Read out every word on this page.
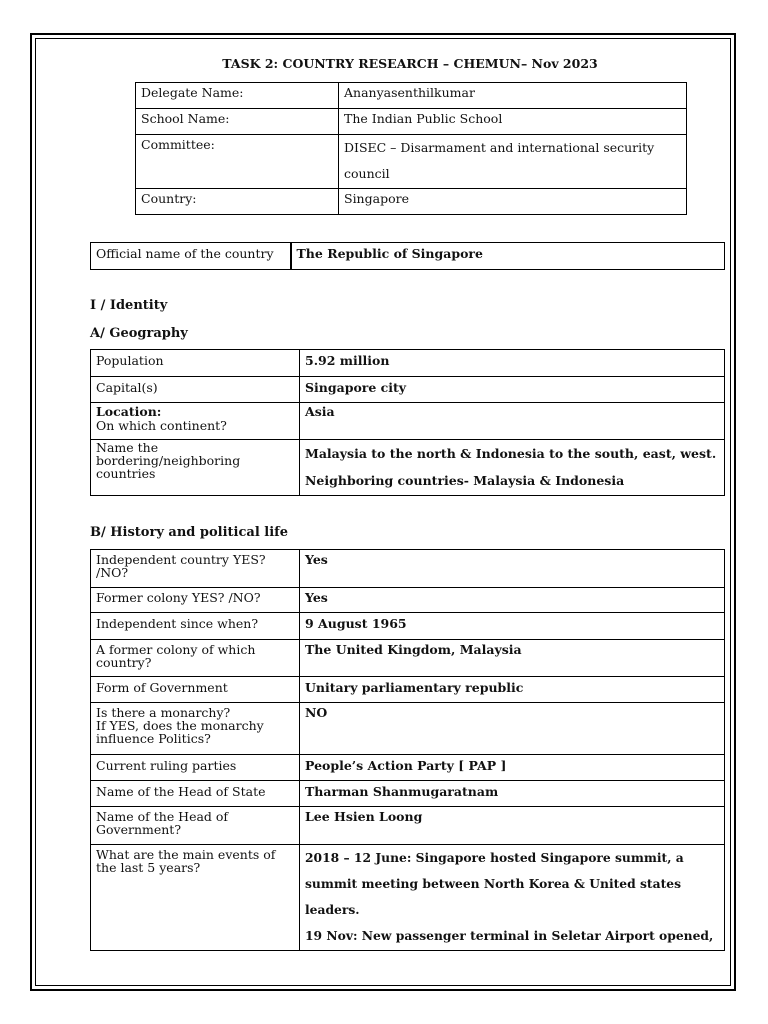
TASK 2: COUNTRY RESEARCH – CHEMUN– Nov 2023
Delegate Name:	Ananyasenthilkumar
School Name:	The Indian Public School
Committee:	DISEC – Disarmament and international security council
Country:	Singapore
Official name of the country	The Republic of Singapore
I / Identity
A/ Geography
Population	5.92 million
Capital(s)	Singapore city

Location:
On which continent?	Asia
Name the bordering/neighboring countries	Malaysia to the north & Indonesia to the south, east, west.
Neighboring countries- Malaysia & Indonesia
B/ History and political life
Independent country YES? /NO?	Yes
Former colony YES? /NO?	Yes
Independent since when?	9 August 1965
A former colony of which country?	The United Kingdom, Malaysia
Form of Government	Unitary parliamentary republic

Is there a monarchy?
If YES, does the monarchy influence Politics?	NO
Current ruling parties	People’s Action Party [ PAP ]
Name of the Head of State	Tharman Shanmugaratnam
Name of the Head of Government?	Lee Hsien Loong
What are the main events of the last 5 years?	2018 – 12 June: Singapore hosted Singapore summit, a summit meeting between North Korea & United states leaders.
19 Nov: New passenger terminal in Seletar Airport opened,
